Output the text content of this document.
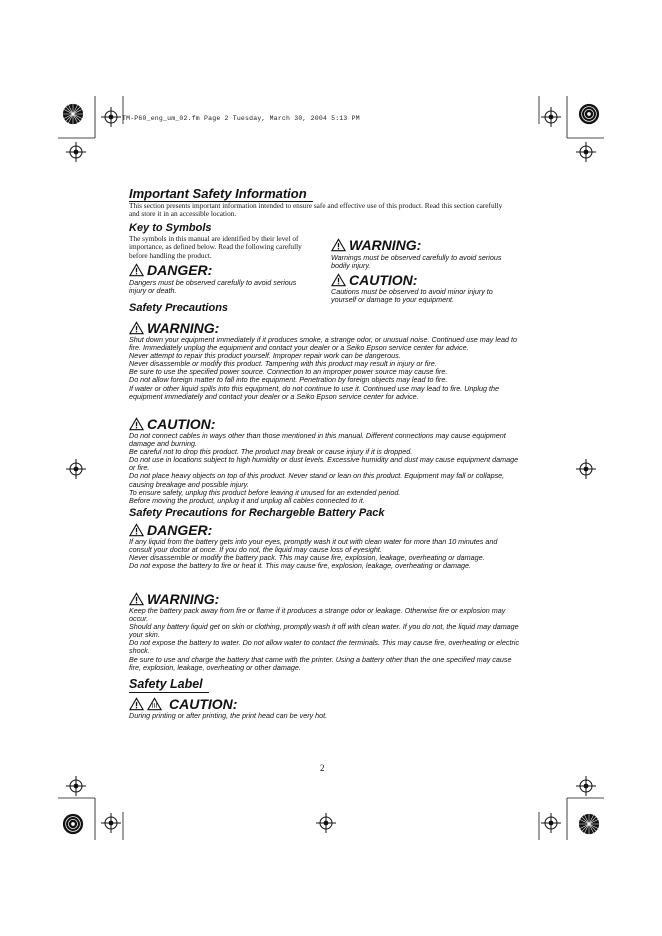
TM-P60_eng_um_02.fm Page 2 Tuesday, March 30, 2004 5:13 PM
Important Safety Information

This section presents important information intended to ensure safe and effective use of this product. Read this section carefully and store it in an accessible location.

Key to Symbols

The symbols in this manual are identified by their level of importance, as defined below. Read the following carefully before handling the product.

DANGER:

Dangers must be observed carefully to avoid serious injury or death.

WARNING:

Warnings must be observed carefully to avoid serious bodily injury.

CAUTION:

Cautions must be observed to avoid minor injury to yourself or damage to your equipment.

Safety Precautions
WARNING:

Shut down your equipment immediately if it produces smoke, a strange odor, or unusual noise. Continued use may lead to fire. Immediately unplug the equipment and contact your dealer or a Seiko Epson service center for advice.

Never attempt to repair this product yourself. Improper repair work can be dangerous.

Never disassemble or modify this product. Tampering with this product may result in injury or fire.

Be sure to use the specified power source. Connection to an improper power source may cause fire.

Do not allow foreign matter to fall into the equipment. Penetration by foreign objects may lead to fire.

If water or other liquid spills into this equipment, do not continue to use it. Continued use may lead to fire. Unplug the equipment immediately and contact your dealer or a Seiko Epson service center for advice.

CAUTION:

Do not connect cables in ways other than those mentioned in this manual. Different connections may cause equipment damage and burning.

Be careful not to drop this product. The product may break or cause injury if it is dropped.

Do not use in locations subject to high humidity or dust levels. Excessive humidity and dust may cause equipment damage or fire.

Do not place heavy objects on top of this product. Never stand or lean on this product. Equipment may fall or collapse, causing breakage and possible injury.

To ensure safety, unplug this product before leaving it unused for an extended period.

Before moving the product, unplug it and unplug all cables connected to it.

Safety Precautions for Rechargeble Battery Pack
DANGER:

If any liquid from the battery gets into your eyes, promptly wash it out with clean water for more than 10 minutes and consult your doctor at once. If you do not, the liquid may cause loss of eyesight.

Never disassemble or modify the battery pack. This may cause fire, explosion, leakage, overheating or damage.

Do not expose the battery to fire or heat it. This may cause fire, explosion, leakage, overheating or damage.

WARNING:

Keep the battery pack away from fire or flame if it produces a strange odor or leakage. Otherwise fire or explosion may occur.

Should any battery liquid get on skin or clothing, promptly wash it off with clean water. If you do not, the liquid may damage your skin.

Do not expose the battery to water. Do not allow water to contact the terminals. This may cause fire, overheating or electric shock.

Be sure to use and charge the battery that came with the printer. Using a battery other than the one specified may cause fire, explosion, leakage, overheating or other damage.

Safety Label
CAUTION:

During printing or after printing, the print head can be very hot.

2
